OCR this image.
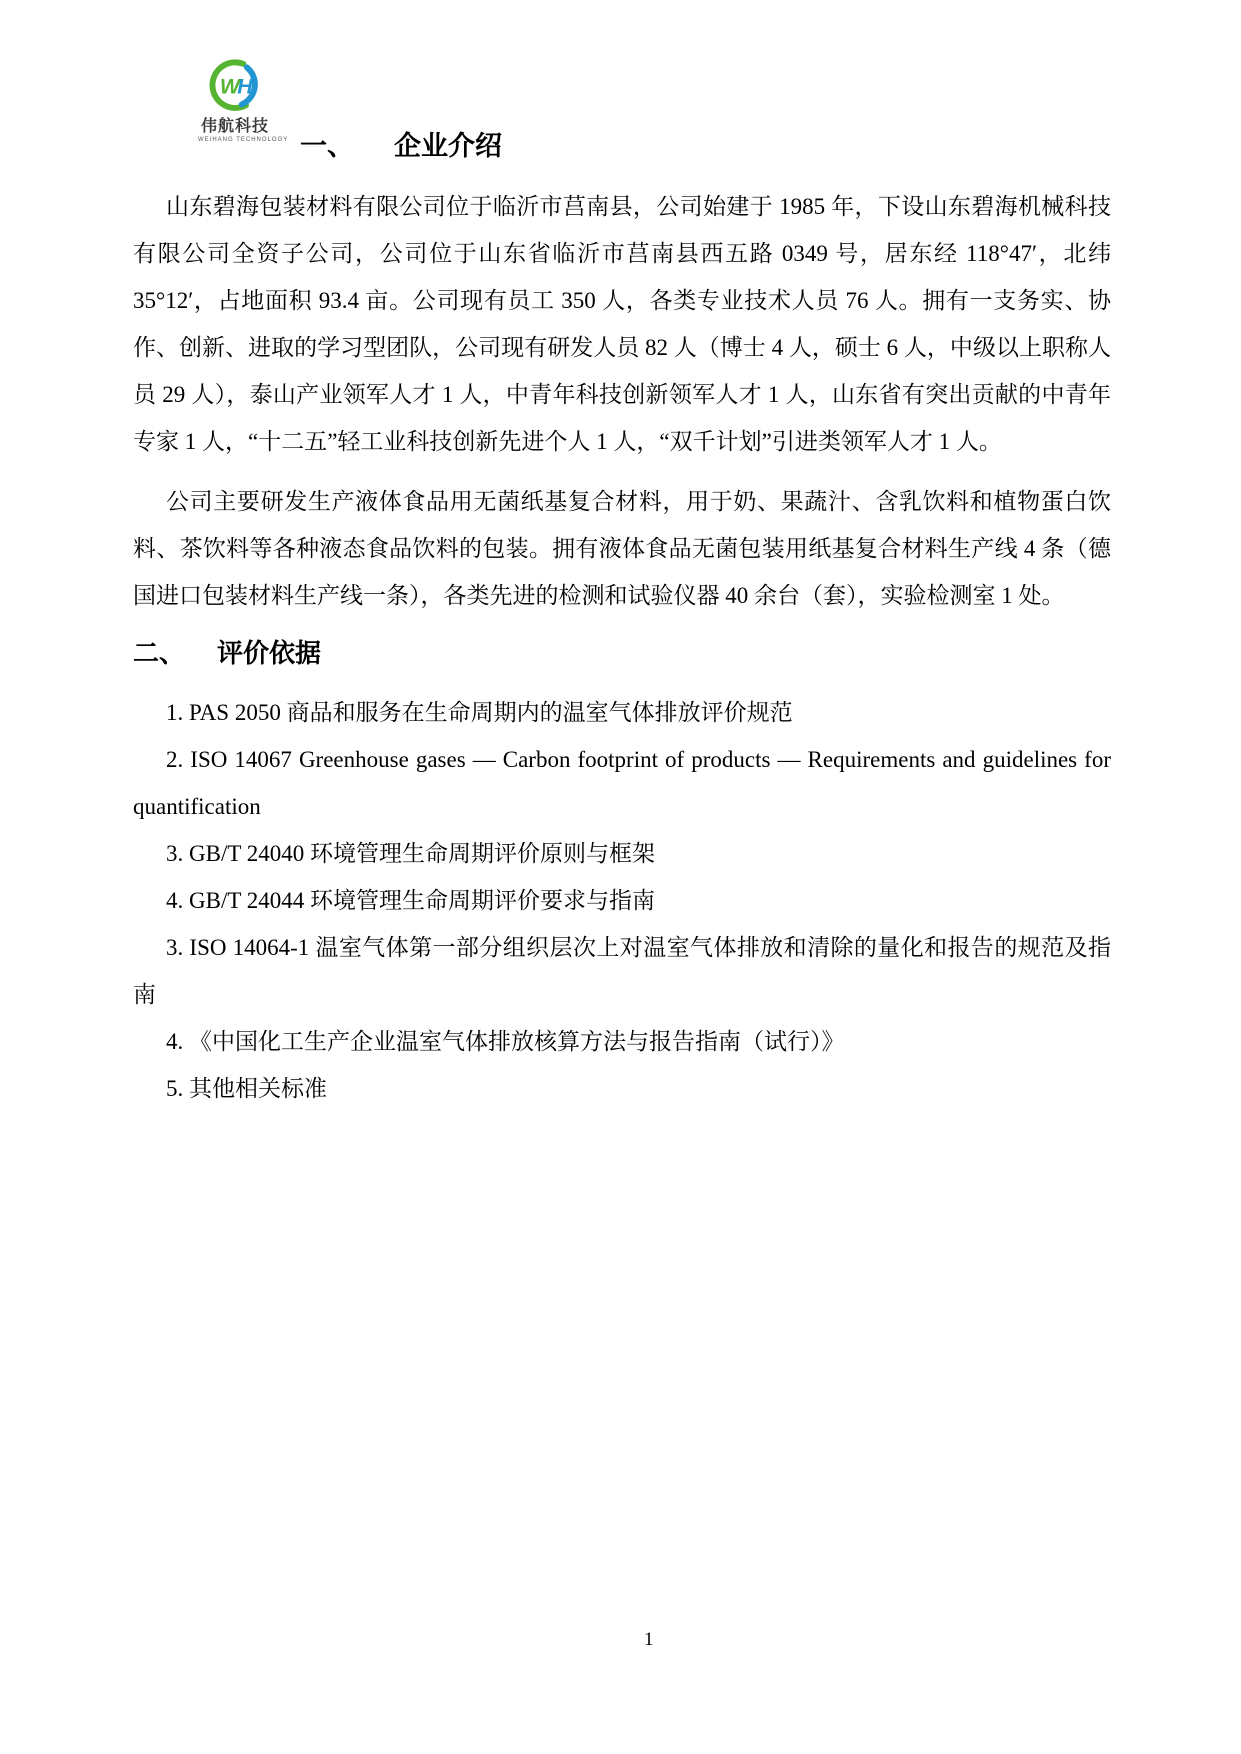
WH
伟航科技
WEIHANG TECHNOLOGY 一、 企业介绍

山东碧海包装材料有限公司位于临沂市莒南县，公司始建于 1985 年，下设山东碧海机械科技有限公司全资子公司，公司位于山东省临沂市莒南县西五路 0349 号，居东经 118°47′，北纬 35°12′，占地面积 93.4 亩。公司现有员工 350 人，各类专业技术人员 76 人。拥有一支务实、协作、创新、进取的学习型团队，公司现有研发人员 82 人（博士 4 人，硕士 6 人，中级以上职称人员 29 人），泰山产业领军人才 1 人，中青年科技创新领军人才 1 人，山东省有突出贡献的中青年专家 1 人，“十二五”轻工业科技创新先进个人 1 人，“双千计划”引进类领军人才 1 人。

公司主要研发生产液体食品用无菌纸基复合材料，用于奶、果蔬汁、含乳饮料和植物蛋白饮料、茶饮料等各种液态食品饮料的包装。拥有液体食品无菌包装用纸基复合材料生产线 4 条（德国进口包装材料生产线一条），各类先进的检测和试验仪器 40 余台（套），实验检测室 1 处。

二、 评价依据

1. PAS 2050 商品和服务在生命周期内的温室气体排放评价规范

2. ISO 14067 Greenhouse gases — Carbon footprint of products — Requirements and guidelines for quantification

3. GB/T 24040 环境管理生命周期评价原则与框架

4. GB/T 24044 环境管理生命周期评价要求与指南

3. ISO 14064-1 温室气体第一部分组织层次上对温室气体排放和清除的量化和报告的规范及指南

4. 《中国化工生产企业温室气体排放核算方法与报告指南（试行）》

5. 其他相关标准

1
